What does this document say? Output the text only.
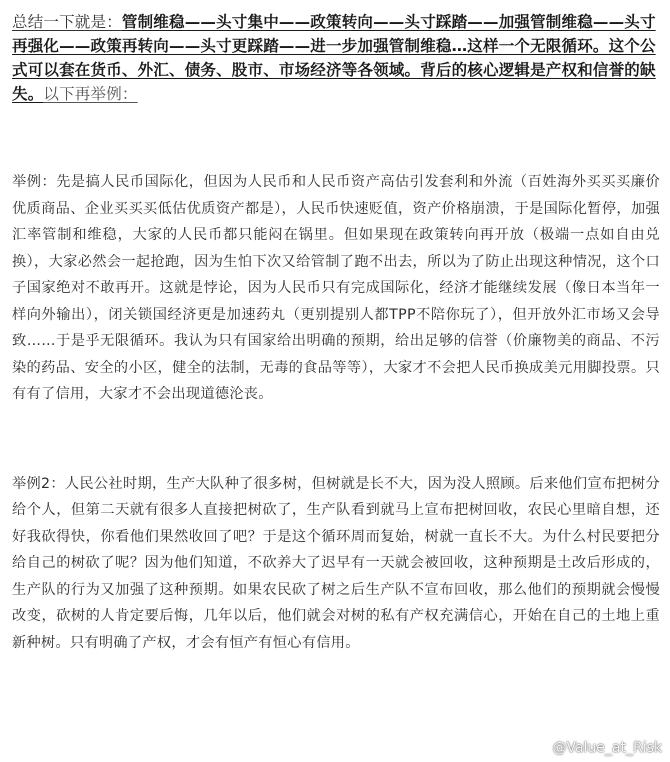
总结一下就是：管制维稳——头寸集中——政策转向——头寸踩踏——加强管制维稳——头寸再强化——政策再转向——头寸更踩踏——进一步加强管制维稳…这样一个无限循环。这个公式可以套在货币、外汇、债务、股市、市场经济等各领域。背后的核心逻辑是产权和信誉的缺失。以下再举例：

举例：先是搞人民币国际化，但因为人民币和人民币资产高估引发套利和外流（百姓海外买买买廉价优质商品、企业买买买低估优质资产都是），人民币快速贬值，资产价格崩溃，于是国际化暂停，加强汇率管制和维稳，大家的人民币都只能闷在锅里。但如果现在政策转向再开放（极端一点如自由兑换），大家必然会一起抢跑，因为生怕下次又给管制了跑不出去，所以为了防止出现这种情况，这个口子国家绝对不敢再开。这就是悖论，因为人民币只有完成国际化，经济才能继续发展（像日本当年一样向外输出），闭关锁国经济更是加速药丸（更别提别人都TPP不陪你玩了），但开放外汇市场又会导致……于是乎无限循环。我认为只有国家给出明确的预期，给出足够的信誉（价廉物美的商品、不污染的药品、安全的小区，健全的法制，无毒的食品等等），大家才不会把人民币换成美元用脚投票。只有有了信用，大家才不会出现道德沦丧。

举例2：人民公社时期，生产大队种了很多树，但树就是长不大，因为没人照顾。后来他们宣布把树分给个人，但第二天就有很多人直接把树砍了，生产队看到就马上宣布把树回收，农民心里暗自想，还好我砍得快，你看他们果然收回了吧？于是这个循环周而复始，树就一直长不大。为什么村民要把分给自己的树砍了呢？因为他们知道，不砍养大了迟早有一天就会被回收，这种预期是土改后形成的，生产队的行为又加强了这种预期。如果农民砍了树之后生产队不宣布回收，那么他们的预期就会慢慢改变，砍树的人肯定要后悔，几年以后，他们就会对树的私有产权充满信心，开始在自己的土地上重新种树。只有明确了产权，才会有恒产有恒心有信用。

@Value_at_Risk
